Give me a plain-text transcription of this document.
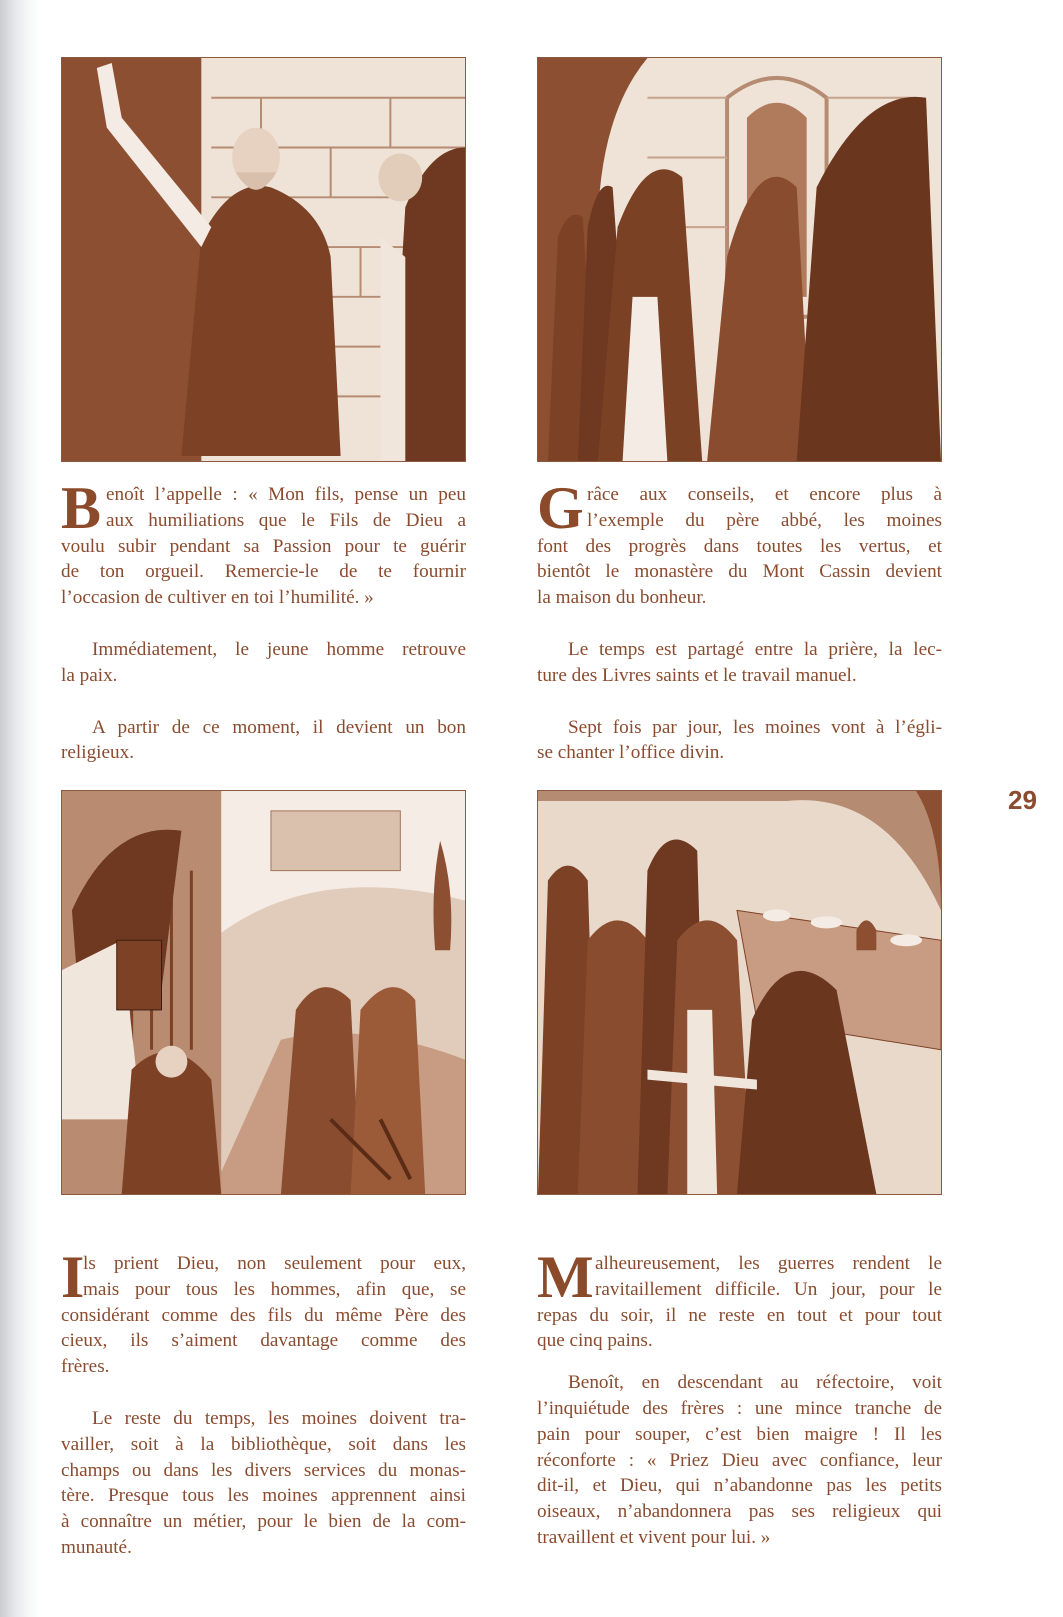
B enoît l’appelle : « Mon fils, pense un peu
aux humiliations que le Fils de Dieu a
voulu subir pendant sa Passion pour te guérir
de ton orgueil. Remercie-le de te fournir
l’occasion de cultiver en toi l’humilité. »
Immédiatement, le jeune homme retrouve
la paix.
A partir de ce moment, il devient un bon
religieux.
G râce aux conseils, et encore plus à
l’exemple du père abbé, les moines
font des progrès dans toutes les vertus, et
bientôt le monastère du Mont Cassin devient
la maison du bonheur.
Le temps est partagé entre la prière, la lec-
ture des Livres saints et le travail manuel.
Sept fois par jour, les moines vont à l’égli-
se chanter l’office divin.
29
I
ls prient Dieu, non seulement pour eux,
mais pour tous les hommes, afin que, se
considérant comme des fils du même Père des
cieux, ils s’aiment davantage comme des
frères.
Le reste du temps, les moines doivent tra-
vailler, soit à la bibliothèque, soit dans les
champs ou dans les divers services du monas-
tère. Presque tous les moines apprennent ainsi
à connaître un métier, pour le bien de la com-
munauté.
M alheureusement, les guerres rendent le
ravitaillement difficile. Un jour, pour le
repas du soir, il ne reste en tout et pour tout
que cinq pains.
Benoît, en descendant au réfectoire, voit
l’inquiétude des frères : une mince tranche de
pain pour souper, c’est bien maigre ! Il les
réconforte : « Priez Dieu avec confiance, leur
dit-il, et Dieu, qui n’abandonne pas les petits
oiseaux, n’abandonnera pas ses religieux qui
travaillent et vivent pour lui. »
